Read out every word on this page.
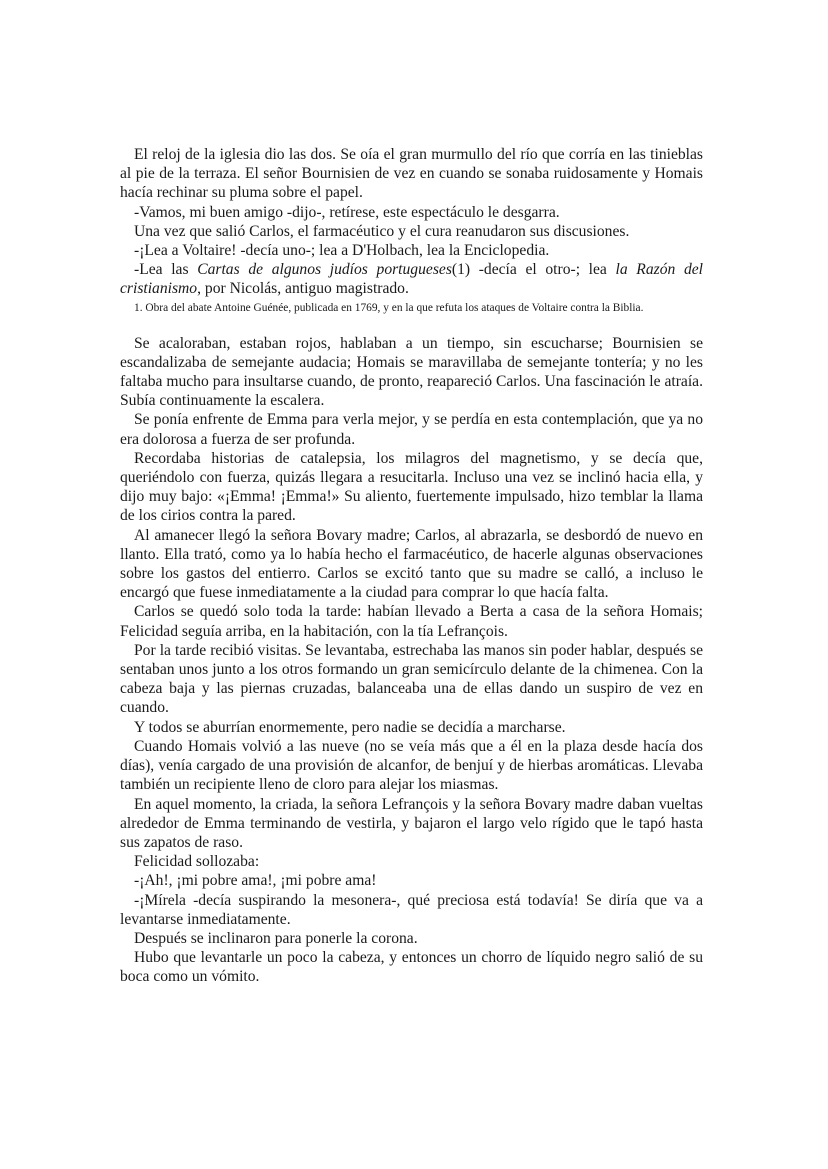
El reloj de la iglesia dio las dos. Se oía el gran murmullo del río que corría en las tinieblas al pie de la terraza. El señor Bournisien de vez en cuando se sonaba ruidosamente y Homais hacía rechinar su pluma sobre el papel.

-Vamos, mi buen amigo -dijo-, retírese, este espectáculo le desgarra.

Una vez que salió Carlos, el farmacéutico y el cura reanudaron sus discusiones.

-¡Lea a Voltaire! -decía uno-; lea a D'Holbach, lea la Enciclopedia.

-Lea las Cartas de algunos judíos portugueses(1) -decía el otro-; lea la Razón del cristianismo, por Nicolás, antiguo magistrado.

1. Obra del abate Antoine Guénée, publicada en 1769, y en la que refuta los ataques de Voltaire contra la Biblia.

Se acaloraban, estaban rojos, hablaban a un tiempo, sin escucharse; Bournisien se escandalizaba de semejante audacia; Homais se maravillaba de semejante tontería; y no les faltaba mucho para insultarse cuando, de pronto, reapareció Carlos. Una fascinación le atraía. Subía continuamente la escalera.

Se ponía enfrente de Emma para verla mejor, y se perdía en esta contemplación, que ya no era dolorosa a fuerza de ser profunda.

Recordaba historias de catalepsia, los milagros del magnetismo, y se decía que, queriéndolo con fuerza, quizás llegara a resucitarla. Incluso una vez se inclinó hacia ella, y dijo muy bajo: «¡Emma! ¡Emma!» Su aliento, fuertemente impulsado, hizo temblar la llama de los cirios contra la pared.

Al amanecer llegó la señora Bovary madre; Carlos, al abrazarla, se desbordó de nuevo en llanto. Ella trató, como ya lo había hecho el farmacéutico, de hacerle algunas observaciones sobre los gastos del entierro. Carlos se excitó tanto que su madre se calló, a incluso le encargó que fuese inmediatamente a la ciudad para comprar lo que hacía falta.

Carlos se quedó solo toda la tarde: habían llevado a Berta a casa de la señora Homais; Felicidad seguía arriba, en la habitación, con la tía Lefrançois.

Por la tarde recibió visitas. Se levantaba, estrechaba las manos sin poder hablar, después se sentaban unos junto a los otros formando un gran semicírculo delante de la chimenea. Con la cabeza baja y las piernas cruzadas, balanceaba una de ellas dando un suspiro de vez en cuando.

Y todos se aburrían enormemente, pero nadie se decidía a marcharse.

Cuando Homais volvió a las nueve (no se veía más que a él en la plaza desde hacía dos días), venía cargado de una provisión de alcanfor, de benjuí y de hierbas aromáticas. Llevaba también un recipiente lleno de cloro para alejar los miasmas.

En aquel momento, la criada, la señora Lefrançois y la señora Bovary madre daban vueltas alrededor de Emma terminando de vestirla, y bajaron el largo velo rígido que le tapó hasta sus zapatos de raso.

Felicidad sollozaba:

-¡Ah!, ¡mi pobre ama!, ¡mi pobre ama!

-¡Mírela -decía suspirando la mesonera-, qué preciosa está todavía! Se diría que va a levantarse inmediatamente.

Después se inclinaron para ponerle la corona.

Hubo que levantarle un poco la cabeza, y entonces un chorro de líquido negro salió de su boca como un vómito.
